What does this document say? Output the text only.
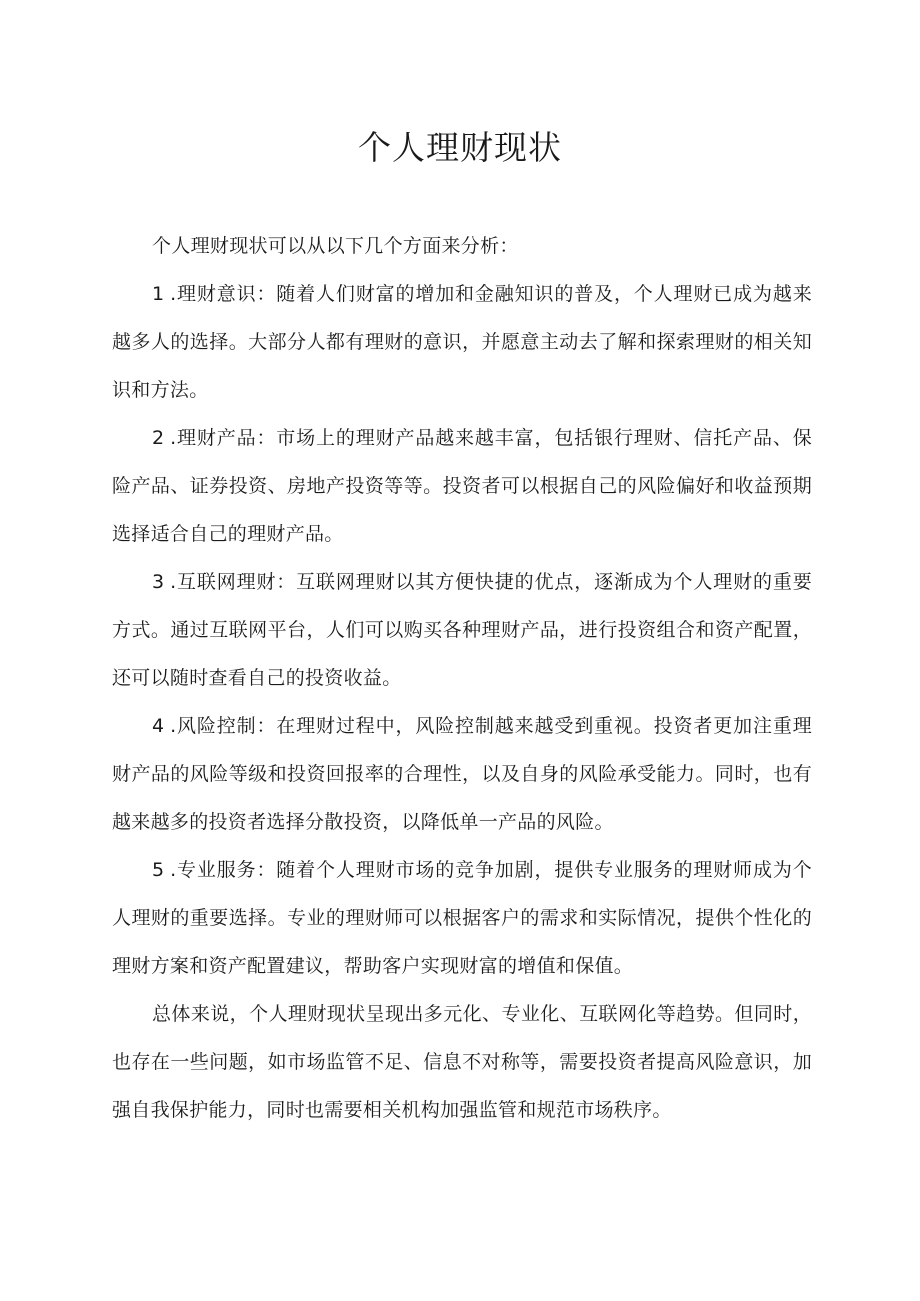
个人理财现状

个人理财现状可以从以下几个方面来分析：

1.理财意识：随着人们财富的增加和金融知识的普及，个人理财已成为越来越多人的选择。大部分人都有理财的意识，并愿意主动去了解和探索理财的相关知识和方法。

2.理财产品：市场上的理财产品越来越丰富，包括银行理财、信托产品、保险产品、证券投资、房地产投资等等。投资者可以根据自己的风险偏好和收益预期选择适合自己的理财产品。

3.互联网理财：互联网理财以其方便快捷的优点，逐渐成为个人理财的重要方式。通过互联网平台，人们可以购买各种理财产品，进行投资组合和资产配置，还可以随时查看自己的投资收益。

4.风险控制：在理财过程中，风险控制越来越受到重视。投资者更加注重理财产品的风险等级和投资回报率的合理性，以及自身的风险承受能力。同时，也有越来越多的投资者选择分散投资，以降低单一产品的风险。

5.专业服务：随着个人理财市场的竞争加剧，提供专业服务的理财师成为个人理财的重要选择。专业的理财师可以根据客户的需求和实际情况，提供个性化的理财方案和资产配置建议，帮助客户实现财富的增值和保值。

总体来说，个人理财现状呈现出多元化、专业化、互联网化等趋势。但同时，也存在一些问题，如市场监管不足、信息不对称等，需要投资者提高风险意识，加强自我保护能力，同时也需要相关机构加强监管和规范市场秩序。
